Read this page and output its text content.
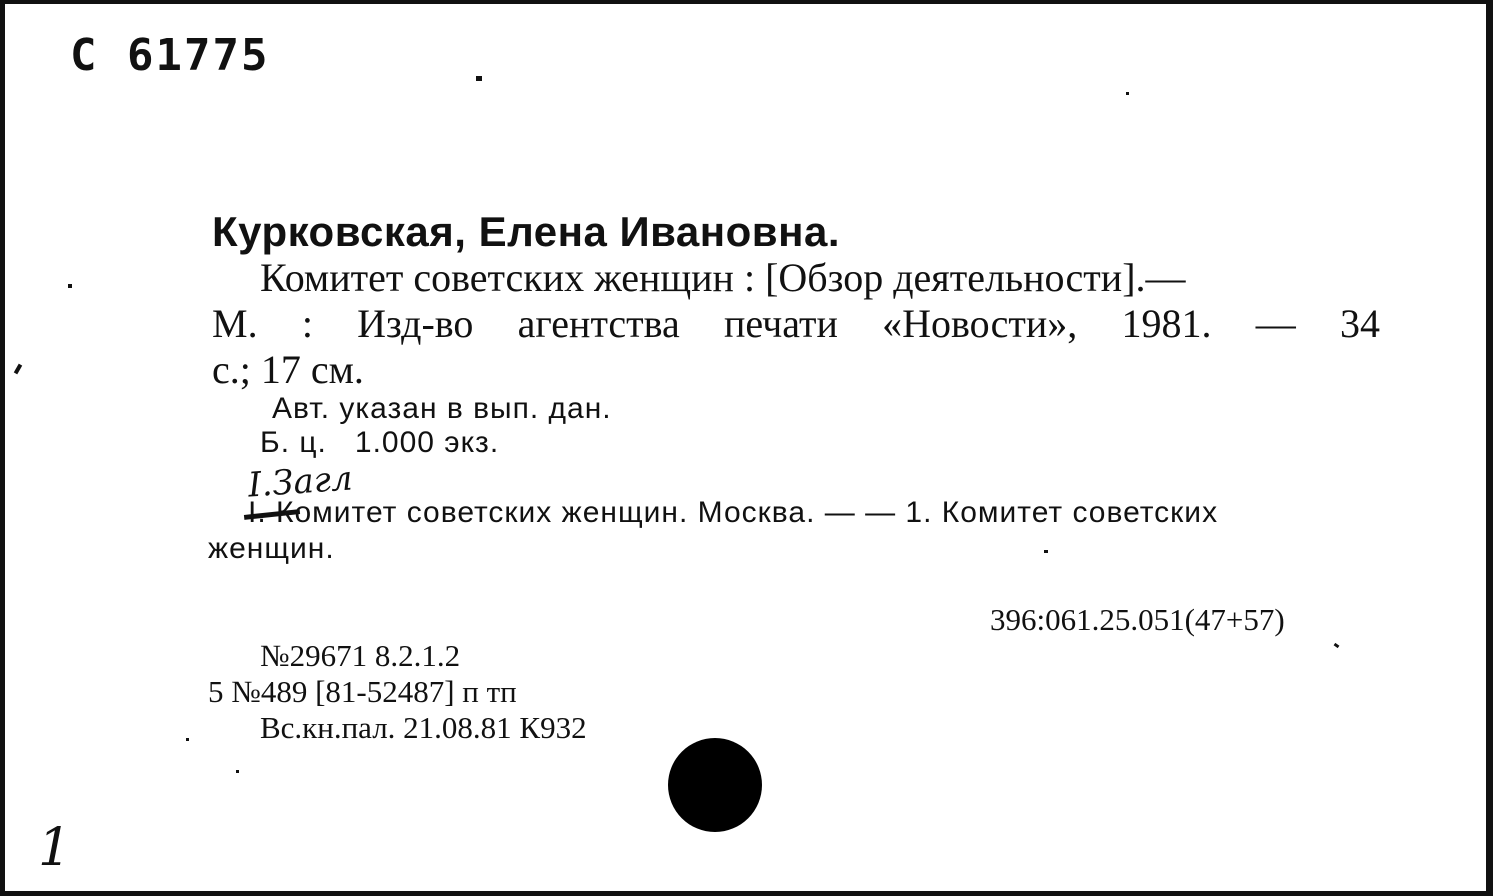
С 61775
Курковская, Елена Ивановна.
Комитет советских женщин : [Обзор деятельности].—
М. : Изд-во агентства печати «Новости», 1981. — 34
с.; 17 см.
Авт. указан в вып. дан.
Б. ц.   1.000 экз.
I.Загл
I. Комитет советских женщин. Москва. — — 1. Комитет советских
женщин.
396:061.25.051(47+57)
№29671 8.2.1.2
5 №489 [81-52487] п тп
Вс.кн.пал. 21.08.81 К932
1
